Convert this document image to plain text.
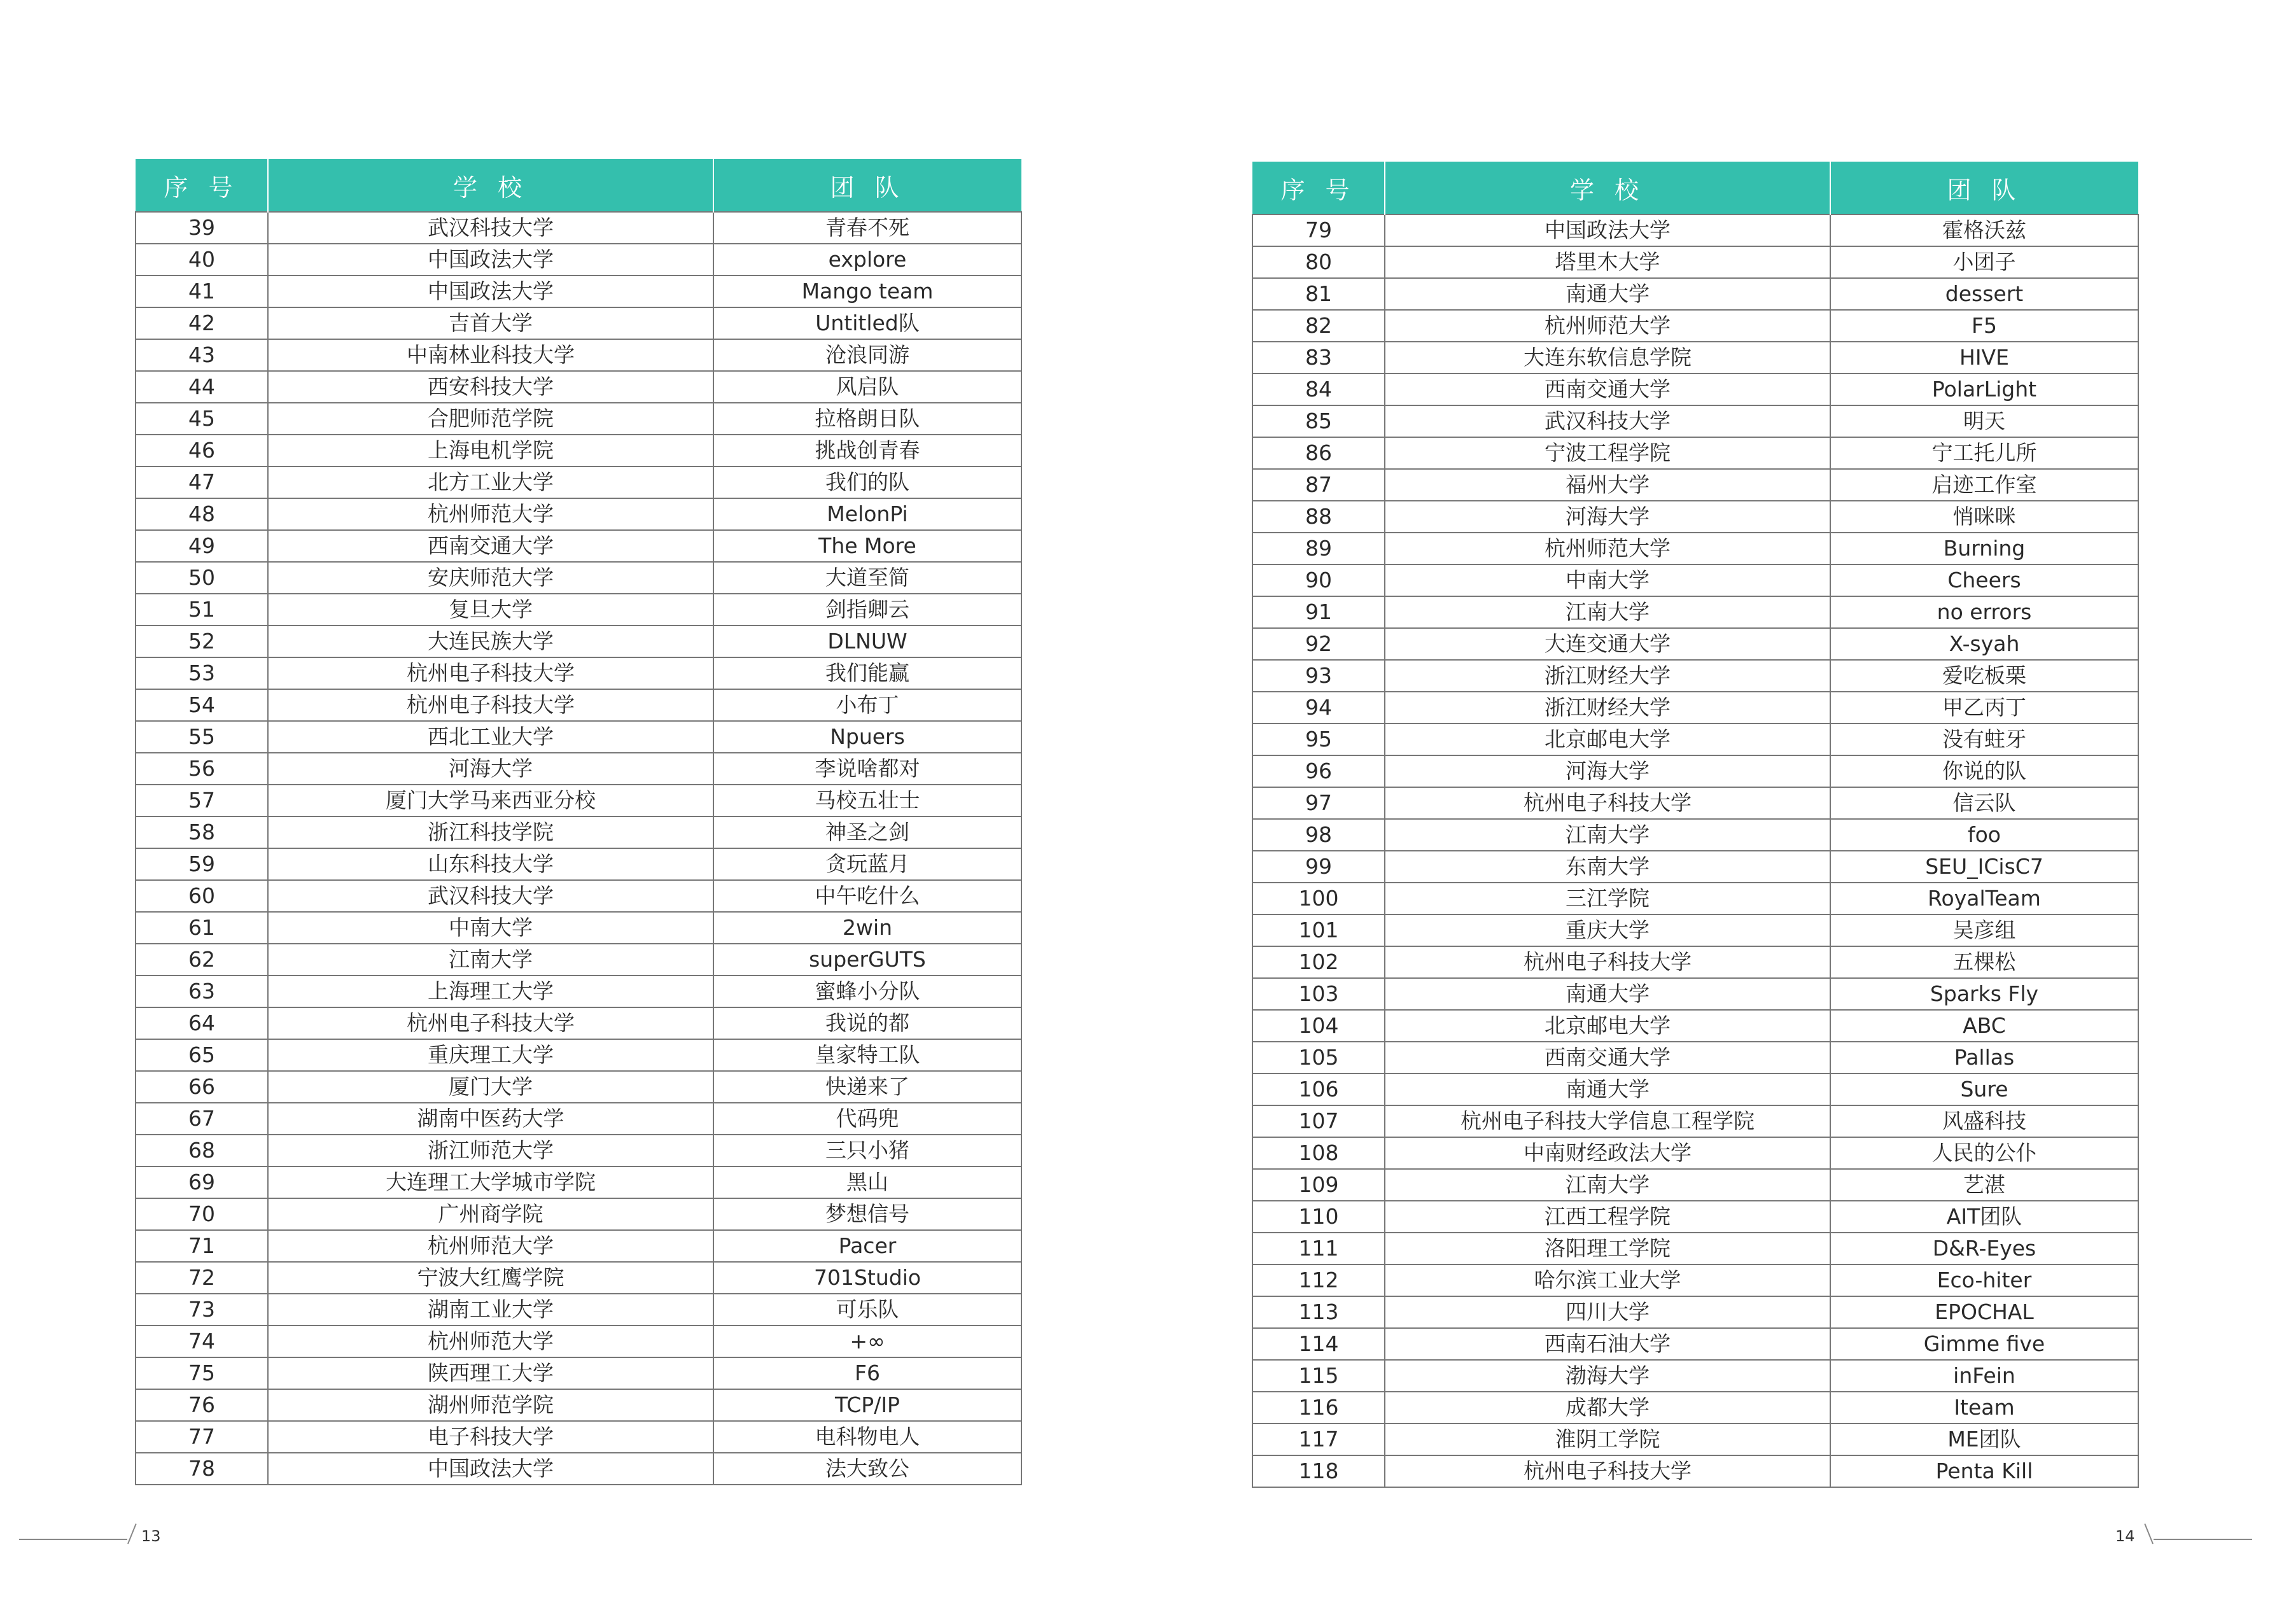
序 号	学 校	团 队
39	武汉科技大学	青春不死
40	中国政法大学	explore
41	中国政法大学	Mango team
42	吉首大学	Untitled队
43	中南林业科技大学	沧浪同游
44	西安科技大学	风启队
45	合肥师范学院	拉格朗日队
46	上海电机学院	挑战创青春
47	北方工业大学	我们的队
48	杭州师范大学	MelonPi
49	西南交通大学	The More
50	安庆师范大学	大道至简
51	复旦大学	剑指卿云
52	大连民族大学	DLNUW
53	杭州电子科技大学	我们能赢
54	杭州电子科技大学	小布丁
55	西北工业大学	Npuers
56	河海大学	李说啥都对
57	厦门大学马来西亚分校	马校五壮士
58	浙江科技学院	神圣之剑
59	山东科技大学	贪玩蓝月
60	武汉科技大学	中午吃什么
61	中南大学	2win
62	江南大学	superGUTS
63	上海理工大学	蜜蜂小分队
64	杭州电子科技大学	我说的都
65	重庆理工大学	皇家特工队
66	厦门大学	快递来了
67	湖南中医药大学	代码兜
68	浙江师范大学	三只小猪
69	大连理工大学城市学院	黑山
70	广州商学院	梦想信号
71	杭州师范大学	Pacer
72	宁波大红鹰学院	701Studio
73	湖南工业大学	可乐队
74	杭州师范大学	+∞
75	陕西理工大学	F6
76	湖州师范学院	TCP/IP
77	电子科技大学	电科物电人
78	中国政法大学	法大致公
13
序 号	学 校	团 队
79	中国政法大学	霍格沃兹
80	塔里木大学	小团子
81	南通大学	dessert
82	杭州师范大学	F5
83	大连东软信息学院	HIVE
84	西南交通大学	PolarLight
85	武汉科技大学	明天
86	宁波工程学院	宁工托儿所
87	福州大学	启迹工作室
88	河海大学	悄咪咪
89	杭州师范大学	Burning
90	中南大学	Cheers
91	江南大学	no errors
92	大连交通大学	X-syah
93	浙江财经大学	爱吃板栗
94	浙江财经大学	甲乙丙丁
95	北京邮电大学	没有蛀牙
96	河海大学	你说的队
97	杭州电子科技大学	信云队
98	江南大学	foo
99	东南大学	SEU_ICisC7
100	三江学院	RoyalTeam
101	重庆大学	吴彦组
102	杭州电子科技大学	五棵松
103	南通大学	Sparks Fly
104	北京邮电大学	ABC
105	西南交通大学	Pallas
106	南通大学	Sure
107	杭州电子科技大学信息工程学院	风盛科技
108	中南财经政法大学	人民的公仆
109	江南大学	艺湛
110	江西工程学院	AIT团队
111	洛阳理工学院	D&R-Eyes
112	哈尔滨工业大学	Eco-hiter
113	四川大学	EPOCHAL
114	西南石油大学	Gimme five
115	渤海大学	inFein
116	成都大学	Iteam
117	淮阴工学院	ME团队
118	杭州电子科技大学	Penta Kill
14
